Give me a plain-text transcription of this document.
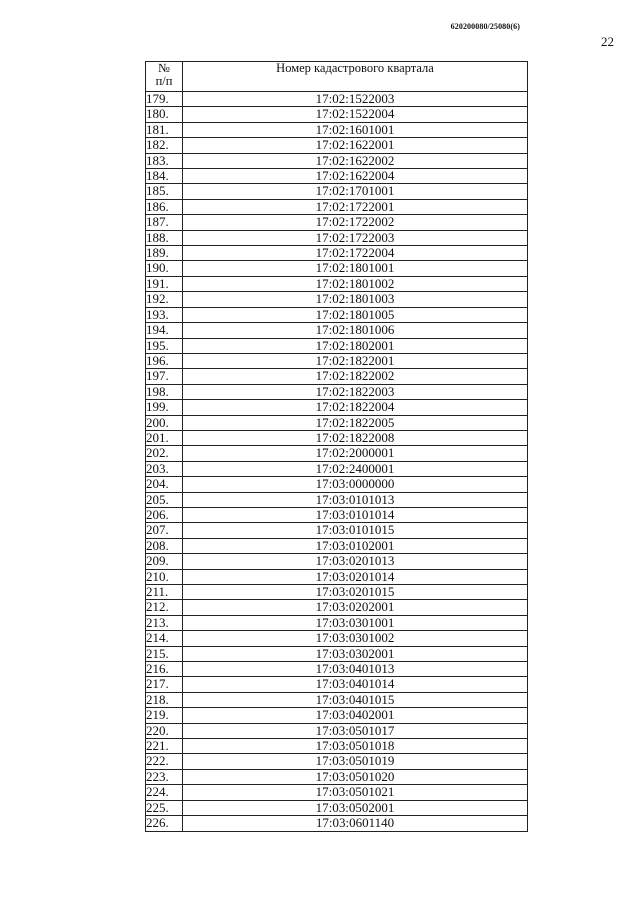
620200080/25080(6)
22
№
п/п	Номер кадастрового квартала
179.	17:02:1522003
180.	17:02:1522004
181.	17:02:1601001
182.	17:02:1622001
183.	17:02:1622002
184.	17:02:1622004
185.	17:02:1701001
186.	17:02:1722001
187.	17:02:1722002
188.	17:02:1722003
189.	17:02:1722004
190.	17:02:1801001
191.	17:02:1801002
192.	17:02:1801003
193.	17:02:1801005
194.	17:02:1801006
195.	17:02:1802001
196.	17:02:1822001
197.	17:02:1822002
198.	17:02:1822003
199.	17:02:1822004
200.	17:02:1822005
201.	17:02:1822008
202.	17:02:2000001
203.	17:02:2400001
204.	17:03:0000000
205.	17:03:0101013
206.	17:03:0101014
207.	17:03:0101015
208.	17:03:0102001
209.	17:03:0201013
210.	17:03:0201014
211.	17:03:0201015
212.	17:03:0202001
213.	17:03:0301001
214.	17:03:0301002
215.	17:03:0302001
216.	17:03:0401013
217.	17:03:0401014
218.	17:03:0401015
219.	17:03:0402001
220.	17:03:0501017
221.	17:03:0501018
222.	17:03:0501019
223.	17:03:0501020
224.	17:03:0501021
225.	17:03:0502001
226.	17:03:0601140
